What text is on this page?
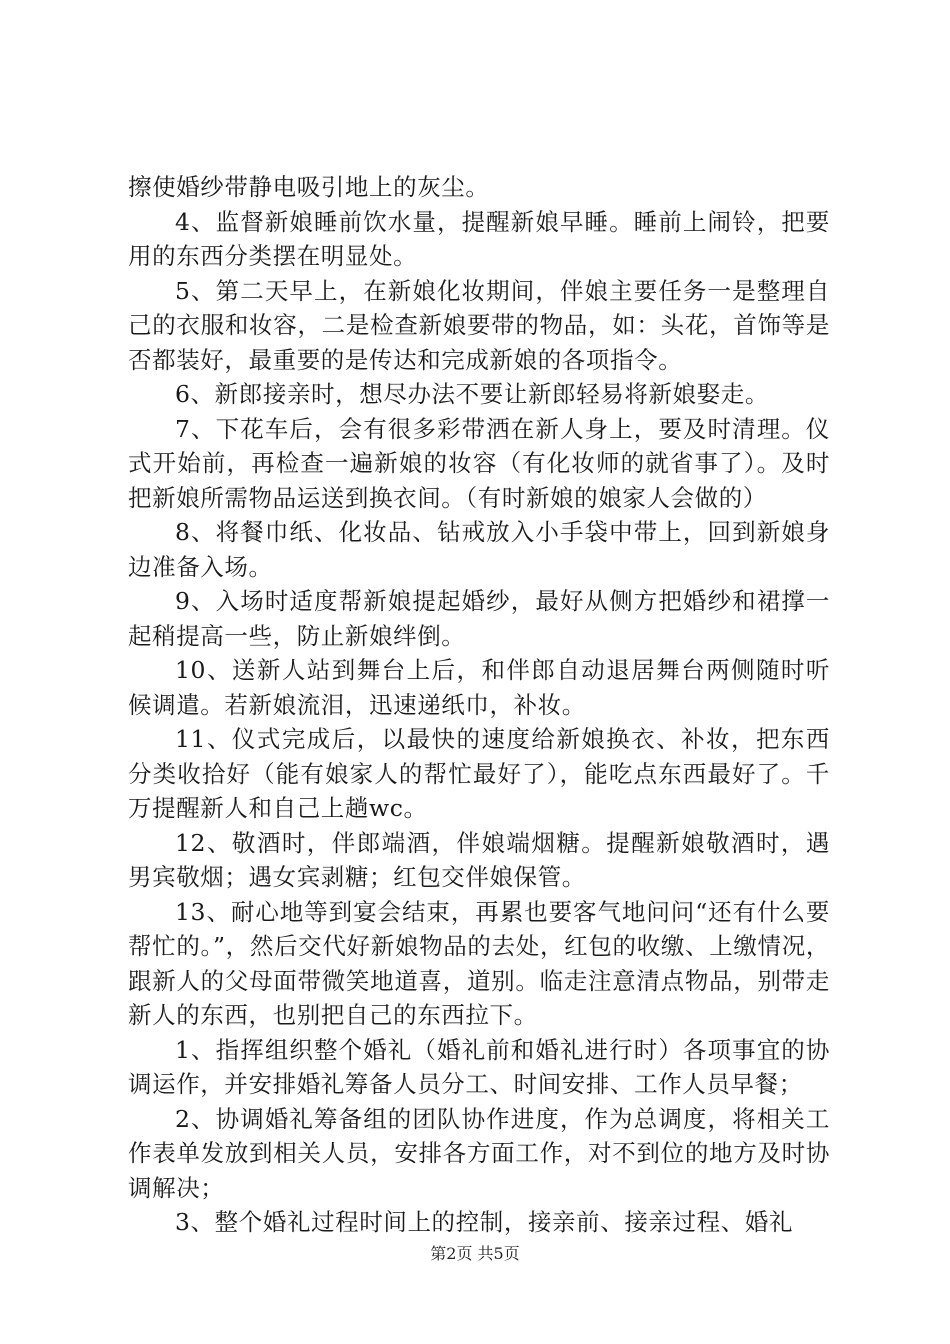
擦使婚纱带静电吸引地上的灰尘。

4、监督新娘睡前饮水量，提醒新娘早睡。睡前上闹铃，把要用的东西分类摆在明显处。

5、第二天早上，在新娘化妆期间，伴娘主要任务一是整理自己的衣服和妆容，二是检查新娘要带的物品，如：头花，首饰等是否都装好，最重要的是传达和完成新娘的各项指令。

6、新郎接亲时，想尽办法不要让新郎轻易将新娘娶走。

7、下花车后，会有很多彩带洒在新人身上，要及时清理。仪式开始前，再检查一遍新娘的妆容（有化妆师的就省事了）。及时把新娘所需物品运送到换衣间。（有时新娘的娘家人会做的）

8、将餐巾纸、化妆品、钻戒放入小手袋中带上，回到新娘身边准备入场。

9、入场时适度帮新娘提起婚纱，最好从侧方把婚纱和裙撑一起稍提高一些，防止新娘绊倒。

10、送新人站到舞台上后，和伴郎自动退居舞台两侧随时听候调遣。若新娘流泪，迅速递纸巾，补妆。

11、仪式完成后，以最快的速度给新娘换衣、补妆，把东西分类收拾好（能有娘家人的帮忙最好了），能吃点东西最好了。千万提醒新人和自己上趟wc。

12、敬酒时，伴郎端酒，伴娘端烟糖。提醒新娘敬酒时，遇男宾敬烟；遇女宾剥糖；红包交伴娘保管。

13、耐心地等到宴会结束，再累也要客气地问问“还有什么要帮忙的。”，然后交代好新娘物品的去处，红包的收缴、上缴情况，跟新人的父母面带微笑地道喜，道别。临走注意清点物品，别带走新人的东西，也别把自己的东西拉下。

1、指挥组织整个婚礼（婚礼前和婚礼进行时）各项事宜的协调运作，并安排婚礼筹备人员分工、时间安排、工作人员早餐；

2、协调婚礼筹备组的团队协作进度，作为总调度，将相关工作表单发放到相关人员，安排各方面工作，对不到位的地方及时协调解决；

3、整个婚礼过程时间上的控制，接亲前、接亲过程、婚礼

第2页 共5页
